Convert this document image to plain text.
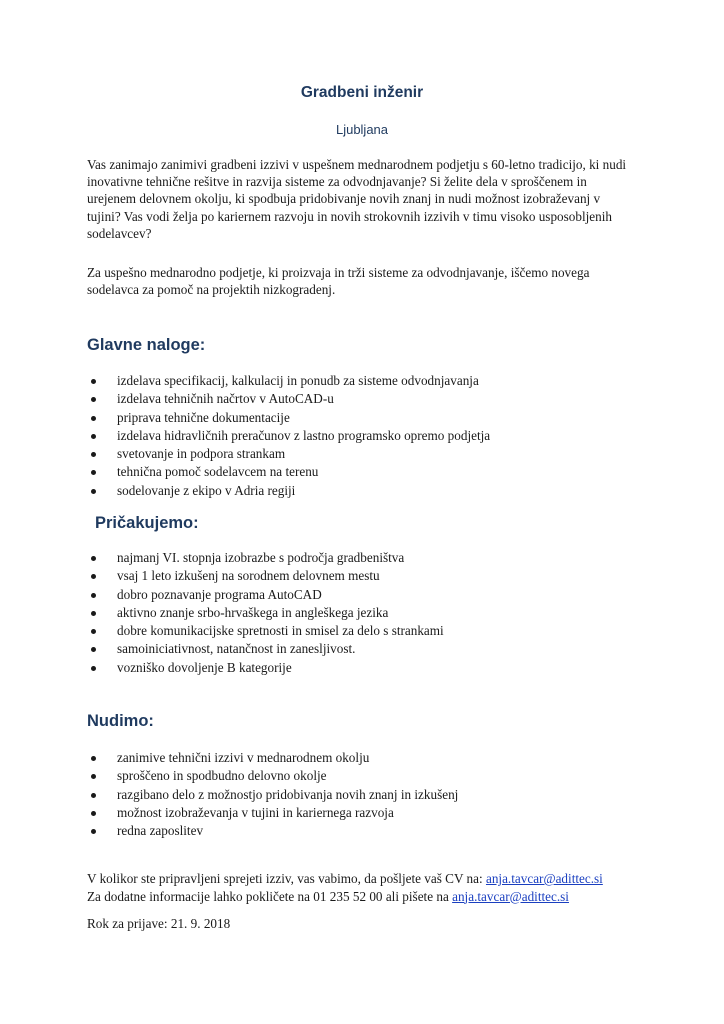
Gradbeni inženir
Ljubljana

Vas zanimajo zanimivi gradbeni izzivi v uspešnem mednarodnem podjetju s 60-letno tradicijo, ki nudi inovativne tehnične rešitve in razvija sisteme za odvodnjavanje? Si želite dela v sproščenem in urejenem delovnem okolju, ki spodbuja pridobivanje novih znanj in nudi možnost izobraževanj v tujini? Vas vodi želja po kariernem razvoju in novih strokovnih izzivih v timu visoko usposobljenih sodelavcev?

Za uspešno mednarodno podjetje, ki proizvaja in trži sisteme za odvodnjavanje, iščemo novega sodelavca za pomoč na projektih nizkogradenj.

Glavne naloge:
izdelava specifikacij, kalkulacij in ponudb za sisteme odvodnjavanja
izdelava tehničnih načrtov v AutoCAD-u
priprava tehnične dokumentacije
izdelava hidravličnih preračunov z lastno programsko opremo podjetja
svetovanje in podpora strankam
tehnična pomoč sodelavcem na terenu
sodelovanje z ekipo v Adria regiji
Pričakujemo:
najmanj VI. stopnja izobrazbe s področja gradbeništva
vsaj 1 leto izkušenj na sorodnem delovnem mestu
dobro poznavanje programa AutoCAD
aktivno znanje srbo-hrvaškega in angleškega jezika
dobre komunikacijske spretnosti in smisel za delo s strankami
samoiniciativnost, natančnost in zanesljivost.
vozniško dovoljenje B kategorije
Nudimo:
zanimive tehnični izzivi v mednarodnem okolju
sproščeno in spodbudno delovno okolje
razgibano delo z možnostjo pridobivanja novih znanj in izkušenj
možnost izobraževanja v tujini in kariernega razvoja
redna zaposlitev
V kolikor ste pripravljeni sprejeti izziv, vas vabimo, da pošljete vaš CV na: anja.tavcar@adittec.si
Za dodatne informacije lahko pokličete na 01 235 52 00 ali pišete na anja.tavcar@adittec.si
Rok za prijave: 21. 9. 2018
